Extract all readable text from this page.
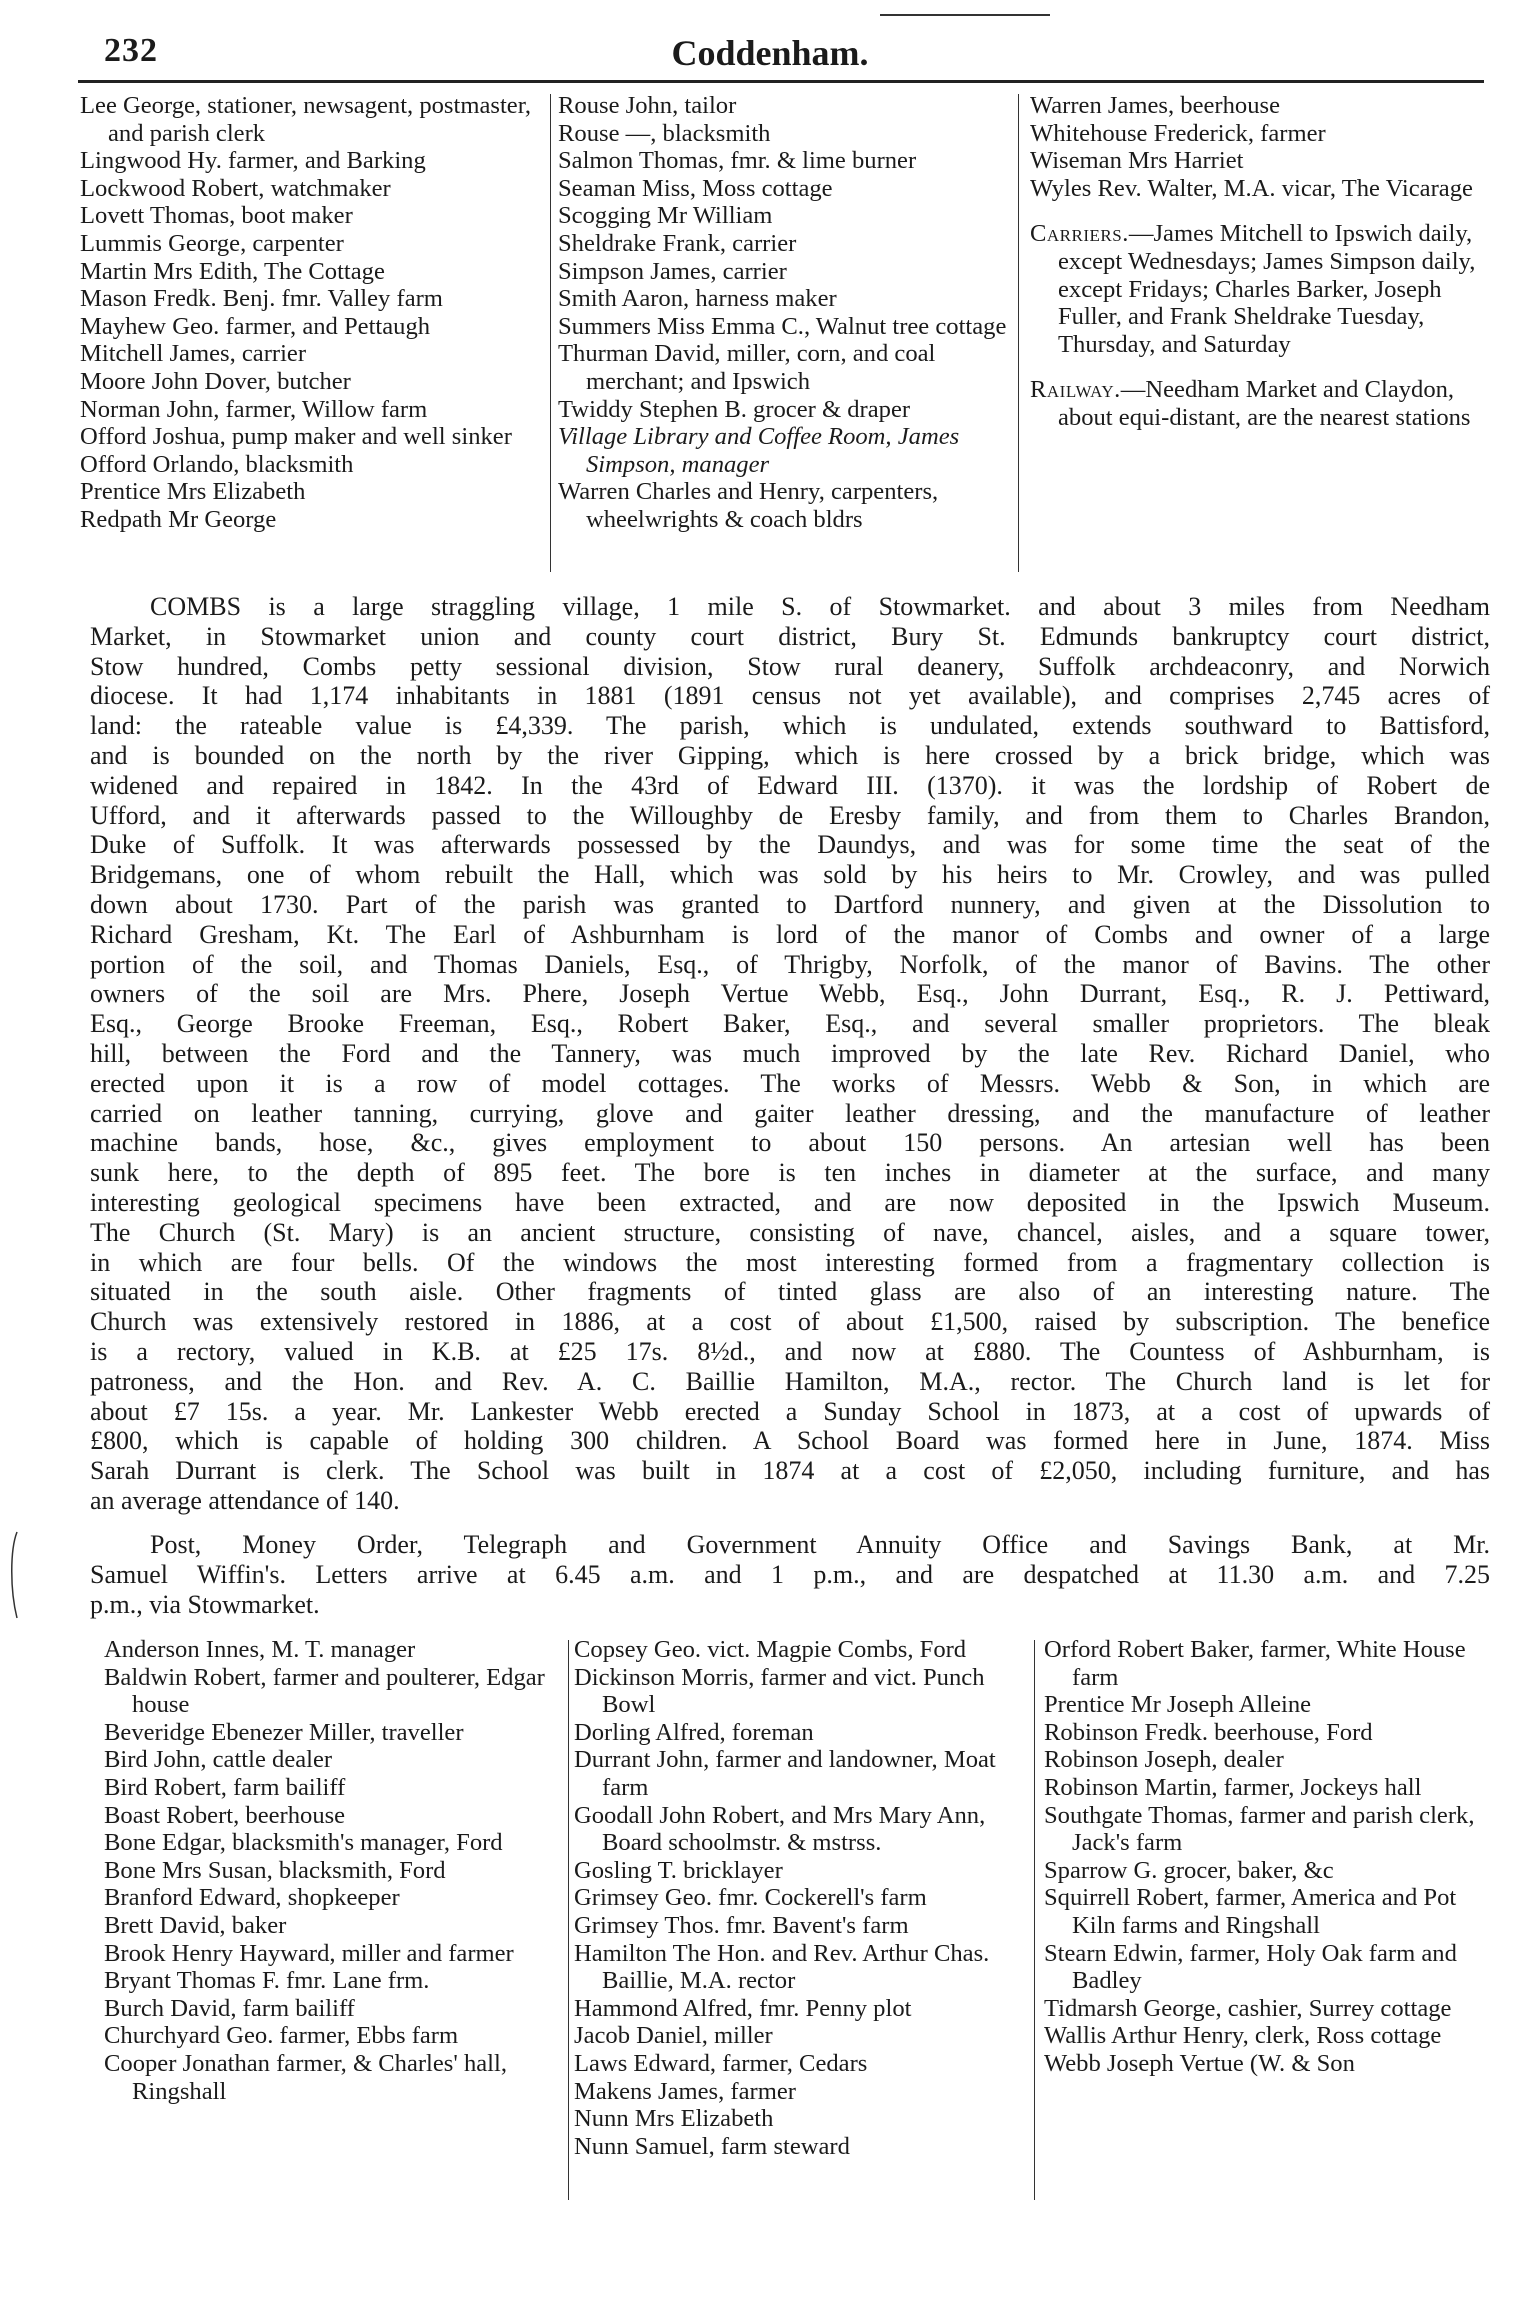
232	Coddenham.
Lee George, stationer, newsagent, postmaster, and parish clerk
Lingwood Hy. farmer, and Barking
Lockwood Robert, watchmaker
Lovett Thomas, boot maker
Lummis George, carpenter
Martin Mrs Edith, The Cottage
Mason Fredk. Benj. fmr. Valley farm
Mayhew Geo. farmer, and Pettaugh
Mitchell James, carrier
Moore John Dover, butcher
Norman John, farmer, Willow farm
Offord Joshua, pump maker and well sinker
Offord Orlando, blacksmith
Prentice Mrs Elizabeth
Redpath Mr George
Rouse John, tailor
Rouse —, blacksmith
Salmon Thomas, fmr. & lime burner
Seaman Miss, Moss cottage
Scogging Mr William
Sheldrake Frank, carrier
Simpson James, carrier
Smith Aaron, harness maker
Summers Miss Emma C., Walnut tree cottage
Thurman David, miller, corn, and coal merchant; and Ipswich
Twiddy Stephen B. grocer & draper
Village Library and Coffee Room, James Simpson, manager
Warren Charles and Henry, carpenters, wheelwrights & coach bldrs
Warren James, beerhouse
Whitehouse Frederick, farmer
Wiseman Mrs Harriet
Wyles Rev. Walter, M.A. vicar, The Vicarage
Carriers.—James Mitchell to Ipswich daily, except Wednesdays; James Simpson daily, except Fridays; Charles Barker, Joseph Fuller, and Frank Sheldrake Tuesday, Thursday, and Saturday
Railway.—Needham Market and Claydon, about equi-distant, are the nearest stations
COMBS is a large straggling village, 1 mile S. of Stowmarket. and about 3 miles from Needham
Market, in Stowmarket union and county court district, Bury St. Edmunds bankruptcy court district,
Stow hundred, Combs petty sessional division, Stow rural deanery, Suffolk archdeaconry, and Norwich
diocese. It had 1,174 inhabitants in 1881 (1891 census not yet available), and comprises 2,745 acres of
land: the rateable value is £4,339. The parish, which is undulated, extends southward to Battisford,
and is bounded on the north by the river Gipping, which is here crossed by a brick bridge, which was
widened and repaired in 1842. In the 43rd of Edward III. (1370). it was the lordship of Robert de
Ufford, and it afterwards passed to the Willoughby de Eresby family, and from them to Charles Brandon,
Duke of Suffolk. It was afterwards possessed by the Daundys, and was for some time the seat of the
Bridgemans, one of whom rebuilt the Hall, which was sold by his heirs to Mr. Crowley, and was pulled
down about 1730. Part of the parish was granted to Dartford nunnery, and given at the Dissolution to
Richard Gresham, Kt. The Earl of Ashburnham is lord of the manor of Combs and owner of a large
portion of the soil, and Thomas Daniels, Esq., of Thrigby, Norfolk, of the manor of Bavins. The other
owners of the soil are Mrs. Phere, Joseph Vertue Webb, Esq., John Durrant, Esq., R. J. Pettiward,
Esq., George Brooke Freeman, Esq., Robert Baker, Esq., and several smaller proprietors. The bleak
hill, between the Ford and the Tannery, was much improved by the late Rev. Richard Daniel, who
erected upon it is a row of model cottages. The works of Messrs. Webb & Son, in which are
carried on leather tanning, currying, glove and gaiter leather dressing, and the manufacture of leather
machine bands, hose, &c., gives employment to about 150 persons. An artesian well has been
sunk here, to the depth of 895 feet. The bore is ten inches in diameter at the surface, and many
interesting geological specimens have been extracted, and are now deposited in the Ipswich Museum.
The Church (St. Mary) is an ancient structure, consisting of nave, chancel, aisles, and a square tower,
in which are four bells. Of the windows the most interesting formed from a fragmentary collection is
situated in the south aisle. Other fragments of tinted glass are also of an interesting nature. The
Church was extensively restored in 1886, at a cost of about £1,500, raised by subscription. The benefice
is a rectory, valued in K.B. at £25 17s. 8½d., and now at £880. The Countess of Ashburnham, is
patroness, and the Hon. and Rev. A. C. Baillie Hamilton, M.A., rector. The Church land is let for
about £7 15s. a year. Mr. Lankester Webb erected a Sunday School in 1873, at a cost of upwards of
£800, which is capable of holding 300 children. A School Board was formed here in June, 1874. Miss
Sarah Durrant is clerk. The School was built in 1874 at a cost of £2,050, including furniture, and has
an average attendance of 140.
Post, Money Order, Telegraph and Government Annuity Office and Savings Bank, at Mr.
Samuel Wiffin's. Letters arrive at 6.45 a.m. and 1 p.m., and are despatched at 11.30 a.m. and 7.25
p.m., via Stowmarket.
Anderson Innes, M. T. manager
Baldwin Robert, farmer and poulterer, Edgar house
Beveridge Ebenezer Miller, traveller
Bird John, cattle dealer
Bird Robert, farm bailiff
Boast Robert, beerhouse
Bone Edgar, blacksmith's manager, Ford
Bone Mrs Susan, blacksmith, Ford
Branford Edward, shopkeeper
Brett David, baker
Brook Henry Hayward, miller and farmer
Bryant Thomas F. fmr. Lane frm.
Burch David, farm bailiff
Churchyard Geo. farmer, Ebbs farm
Cooper Jonathan farmer, & Charles' hall, Ringshall
Copsey Geo. vict. Magpie Combs, Ford
Dickinson Morris, farmer and vict. Punch Bowl
Dorling Alfred, foreman
Durrant John, farmer and landowner, Moat farm
Goodall John Robert, and Mrs Mary Ann, Board schoolmstr. & mstrss.
Gosling T. bricklayer
Grimsey Geo. fmr. Cockerell's farm
Grimsey Thos. fmr. Bavent's farm
Hamilton The Hon. and Rev. Arthur Chas. Baillie, M.A. rector
Hammond Alfred, fmr. Penny plot
Jacob Daniel, miller
Laws Edward, farmer, Cedars
Makens James, farmer
Nunn Mrs Elizabeth
Nunn Samuel, farm steward
Orford Robert Baker, farmer, White House farm
Prentice Mr Joseph Alleine
Robinson Fredk. beerhouse, Ford
Robinson Joseph, dealer
Robinson Martin, farmer, Jockeys hall
Southgate Thomas, farmer and parish clerk, Jack's farm
Sparrow G. grocer, baker, &c
Squirrell Robert, farmer, America and Pot Kiln farms and Ringshall
Stearn Edwin, farmer, Holy Oak farm and Badley
Tidmarsh George, cashier, Surrey cottage
Wallis Arthur Henry, clerk, Ross cottage
Webb Joseph Vertue (W. & Son
